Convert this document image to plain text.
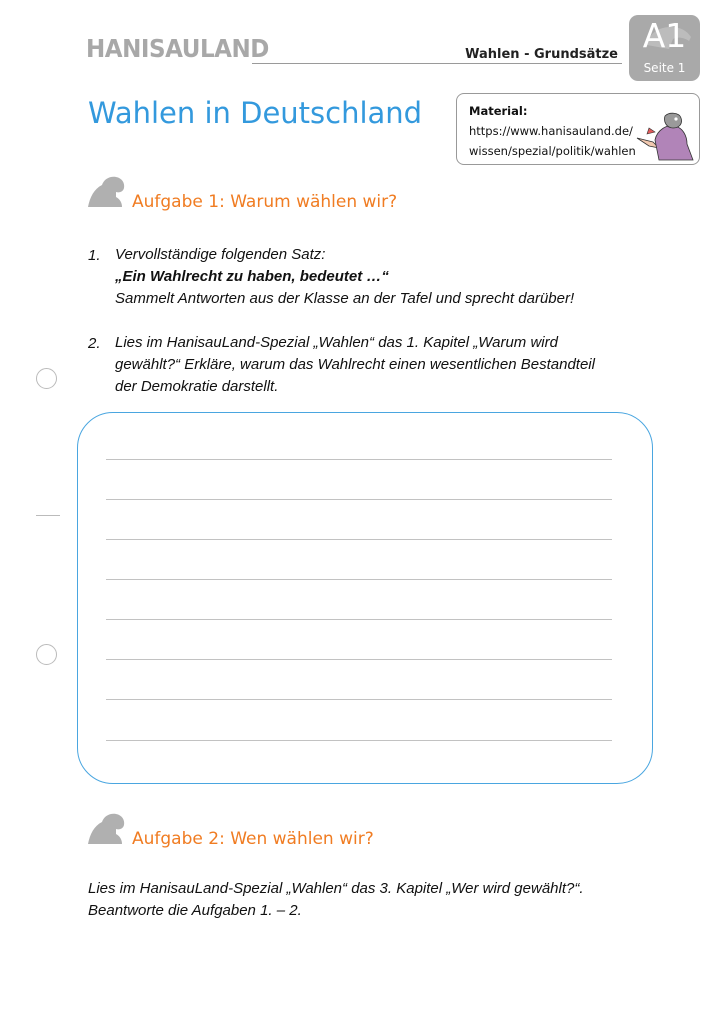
HANISAULAND	Wahlen - Grundsätze A1
Seite 1
Wahlen in Deutschland	Material:
https://www.hanisauland.de/
wissen/spezial/politik/wahlen
Aufgabe 1: Warum wählen wir?
1. Vervollständige folgenden Satz:
„Ein Wahlrecht zu haben, bedeutet …“
Sammelt Antworten aus der Klasse an der Tafel und sprecht darüber!
2. Lies im HanisauLand-Spezial „Wahlen“ das 1. Kapitel „Warum wird
gewählt?“ Erkläre, warum das Wahlrecht einen wesentlichen Bestandteil
der Demokratie darstellt.
Aufgabe 2: Wen wählen wir?
Lies im HanisauLand-Spezial „Wahlen“ das 3. Kapitel „Wer wird gewählt?“.
Beantworte die Aufgaben 1. – 2.
